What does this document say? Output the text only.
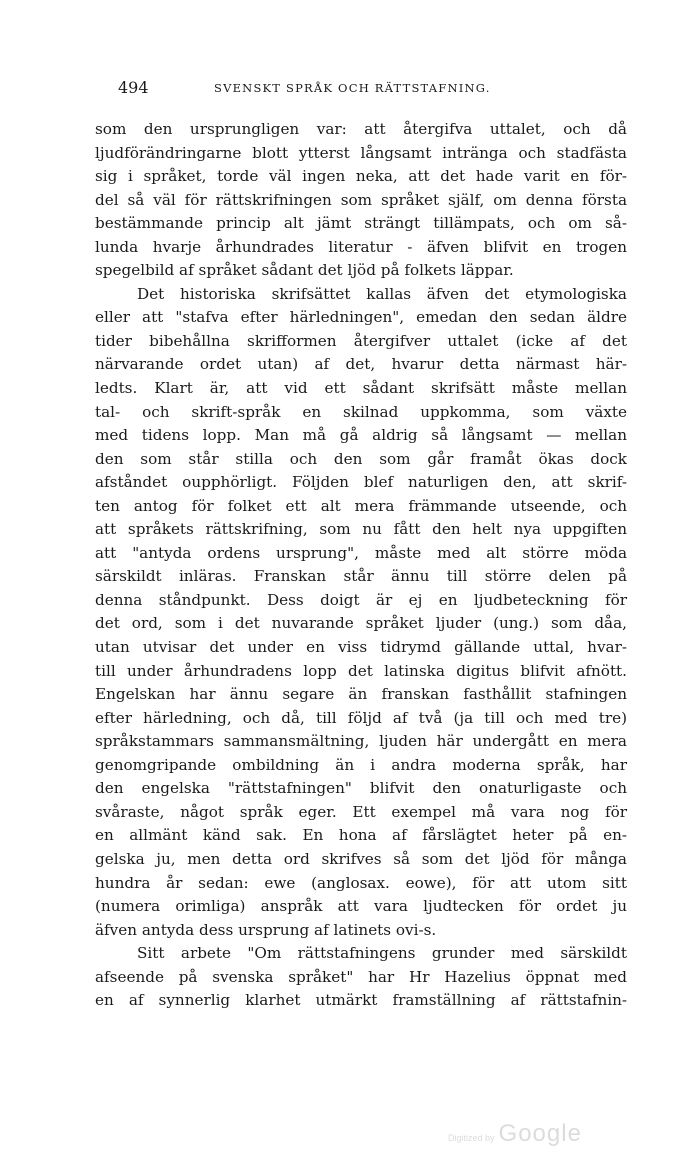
494	SVENSKT SPRÅK OCH RÄTTSTAFNING.
som den ursprungligen var: att återgifva uttalet, och då
ljudförändringarne blott ytterst långsamt intränga och stadfästa
sig i språket, torde väl ingen neka, att det hade varit en för-
del så väl för rättskrifningen som språket själf, om denna första
bestämmande princip alt jämt strängt tillämpats, och om så-
lunda hvarje århundrades literatur - äfven blifvit en trogen
spegelbild af språket sådant det ljöd på folkets läppar.
Det historiska skrifsättet kallas äfven det etymologiska
eller att "stafva efter härledningen", emedan den sedan äldre
tider bibehållna skrifformen återgifver uttalet (icke af det
närvarande ordet utan) af det, hvarur detta närmast här-
ledts. Klart är, att vid ett sådant skrifsätt måste mellan
tal- och skrift-språk en skilnad uppkomma, som växte
med tidens lopp. Man må gå aldrig så långsamt — mellan
den som står stilla och den som går framåt ökas dock
afståndet oupphörligt. Följden blef naturligen den, att skrif-
ten antog för folket ett alt mera främmande utseende, och
att språkets rättskrifning, som nu fått den helt nya uppgiften
att "antyda ordens ursprung", måste med alt större möda
särskildt inläras. Franskan står ännu till större delen på
denna ståndpunkt. Dess doigt är ej en ljudbeteckning för
det ord, som i det nuvarande språket ljuder (ung.) som dåa,
utan utvisar det under en viss tidrymd gällande uttal, hvar-
till under århundradens lopp det latinska digitus blifvit afnött.
Engelskan har ännu segare än franskan fasthållit stafningen
efter härledning, och då, till följd af två (ja till och med tre)
språkstammars sammansmältning, ljuden här undergått en mera
genomgripande ombildning än i andra moderna språk, har
den engelska "rättstafningen" blifvit den onaturligaste och
svåraste, något språk eger. Ett exempel må vara nog för
en allmänt känd sak. En hona af fårslägtet heter på en-
gelska ju, men detta ord skrifves så som det ljöd för många
hundra år sedan: ewe (anglosax. eowe), för att utom sitt
(numera orimliga) anspråk att vara ljudtecken för ordet ju
äfven antyda dess ursprung af latinets ovi-s.
Sitt arbete "Om rättstafningens grunder med särskildt
afseende på svenska språket" har Hr Hazelius öppnat med
en af synnerlig klarhet utmärkt framställning af rättstafnin-
Digitized by Google
